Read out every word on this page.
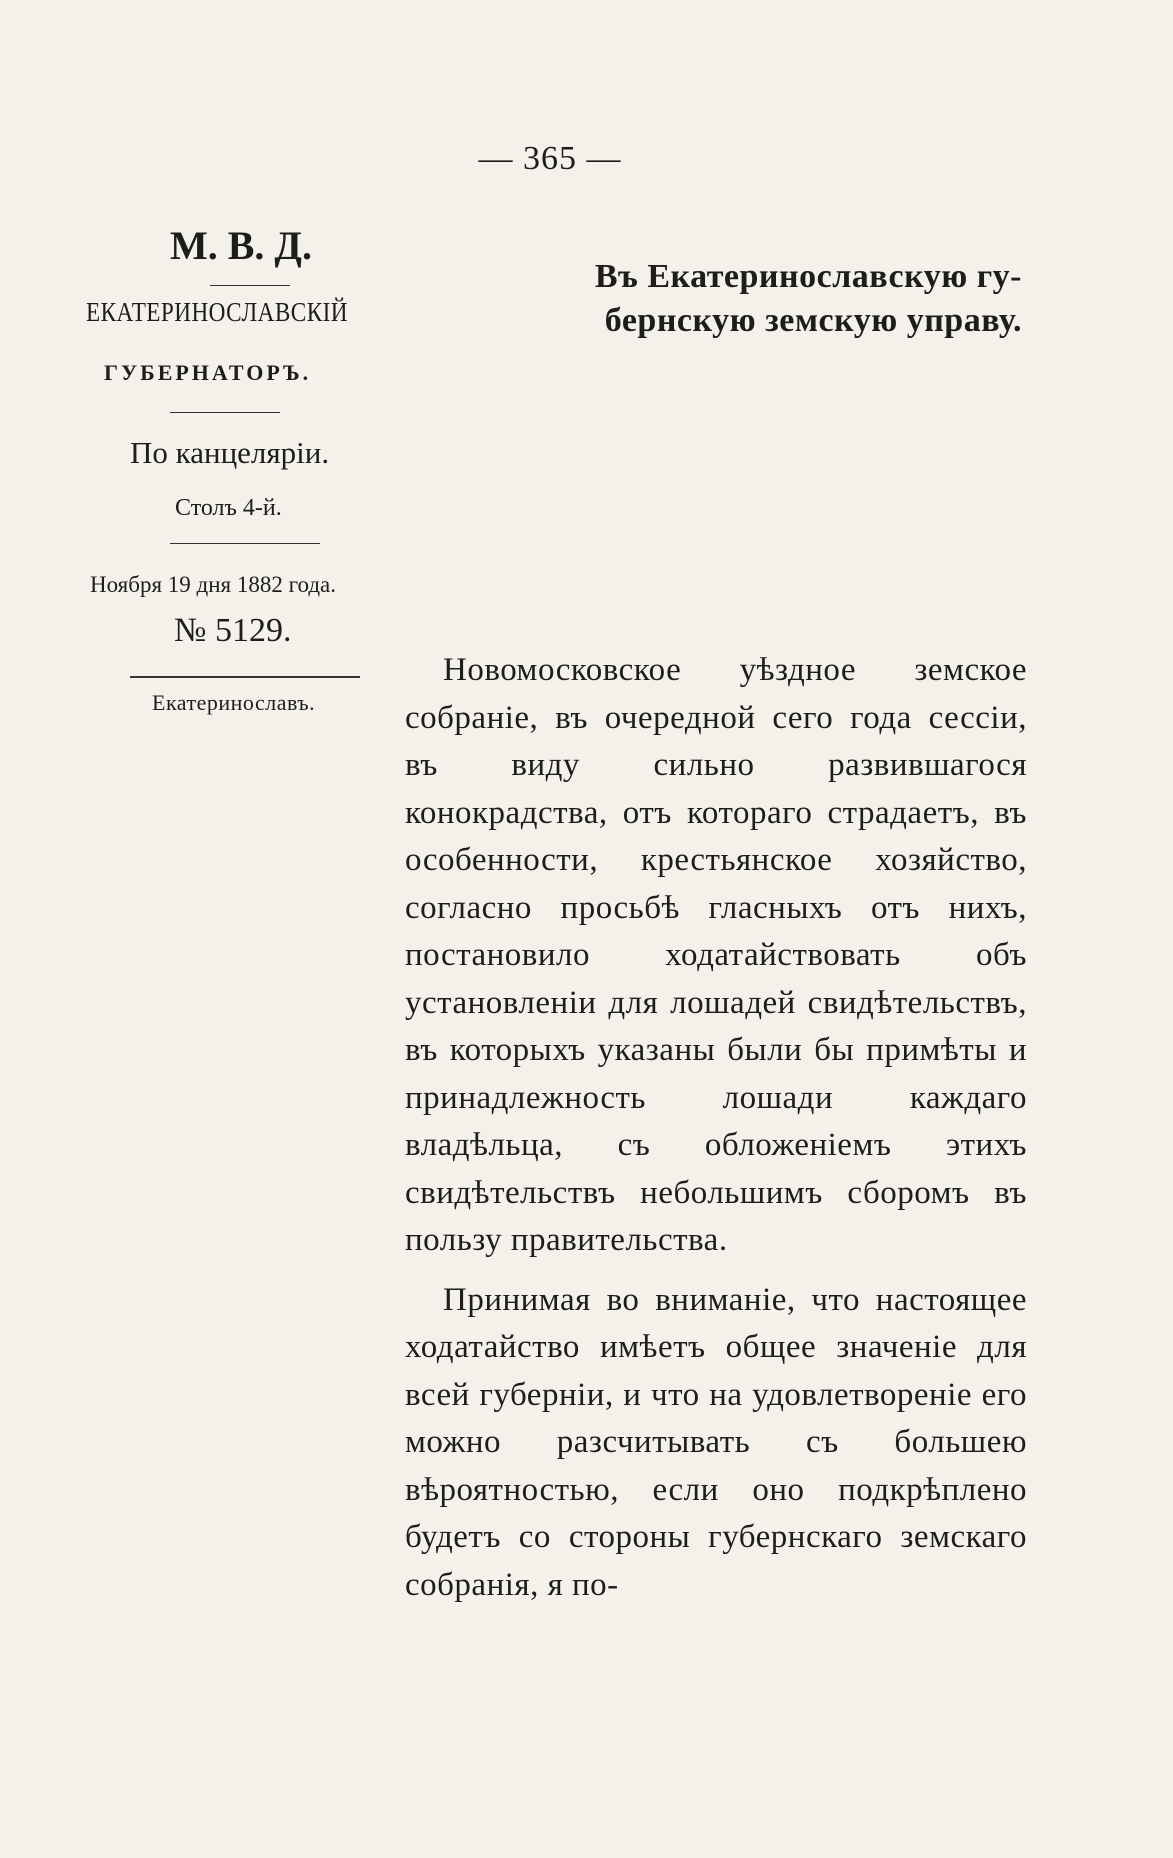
— 365 —
М. В. Д.
ЕКАТЕРИНОСЛАВСКІЙ
ГУБЕРНАТОРЪ.
Въ Екатеринославскую гу-
бернскую земскую управу.
По канцеляріи.
Столъ 4-й.
Ноября 19 дня 1882 года.
№ 5129.
Екатеринославъ.

Новомосковское уѣздное земское собраніе, въ очередной сего года сессіи, въ виду сильно развившагося конокрадства, отъ котораго страдаетъ, въ особенности, крестьянское хозяйство, согласно просьбѣ гласныхъ отъ нихъ, постановило ходатайствовать объ установленіи для лошадей свидѣтельствъ, въ которыхъ указаны были бы примѣты и принадлежность лошади каждаго владѣльца, съ обложеніемъ этихъ свидѣтельствъ небольшимъ сборомъ въ пользу правительства.

Принимая во вниманіе, что настоящее ходатайство имѣетъ общее значеніе для всей губерніи, и что на удовлетвореніе его можно разсчитывать съ большею вѣроятностью, если оно подкрѣплено будетъ со стороны губернскаго земскаго собранія, я по-
